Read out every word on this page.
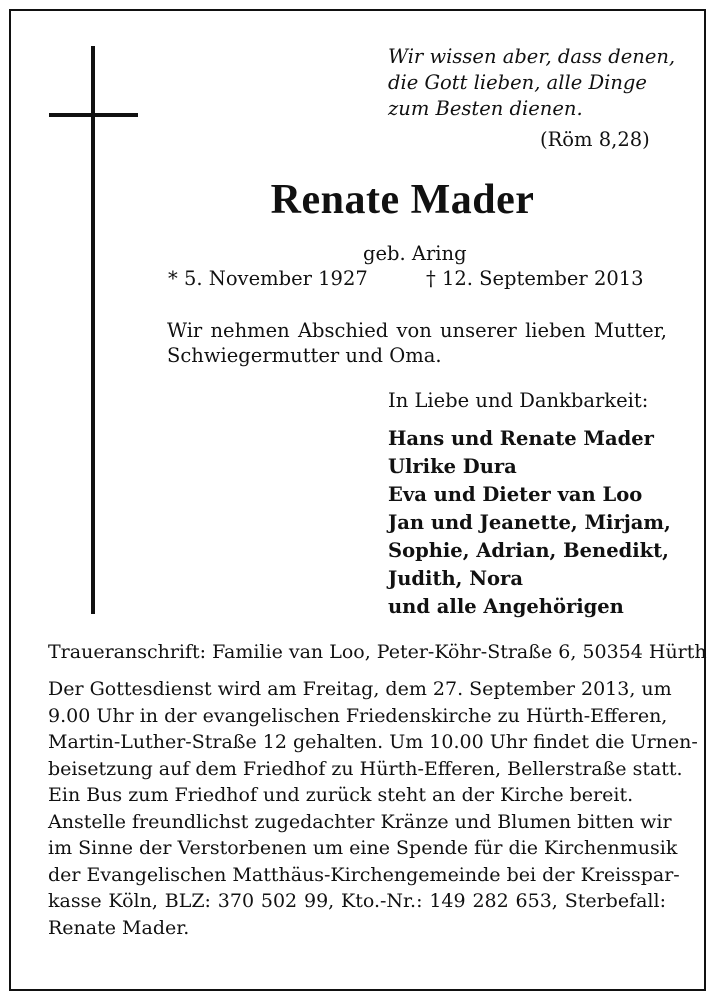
Wir wissen aber, dass denen,
die Gott lieben, alle Dinge
zum Besten dienen.
(Röm 8,28)
Renate Mader
geb. Aring
* 5. November 1927	† 12. September 2013
Wir nehmen Abschied von unserer lieben Mutter,
Schwiegermutter und Oma.
In Liebe und Dankbarkeit:
Hans und Renate Mader
Ulrike Dura
Eva und Dieter van Loo
Jan und Jeanette, Mirjam,
Sophie, Adrian, Benedikt,
Judith, Nora
und alle Angehörigen
Traueranschrift: Familie van Loo, Peter-Köhr-Straße 6, 50354 Hürth
Der Gottesdienst wird am Freitag, dem 27. September 2013, um
9.00 Uhr in der evangelischen Friedenskirche zu Hürth-Efferen,
Martin-Luther-Straße 12 gehalten. Um 10.00 Uhr findet die Urnen-
beisetzung auf dem Friedhof zu Hürth-Efferen, Bellerstraße statt.
Ein Bus zum Friedhof und zurück steht an der Kirche bereit.
Anstelle freundlichst zugedachter Kränze und Blumen bitten wir
im Sinne der Verstorbenen um eine Spende für die Kirchenmusik
der Evangelischen Matthäus-Kirchengemeinde bei der Kreisspar-
kasse Köln, BLZ: 370 502 99, Kto.-Nr.: 149 282 653, Sterbefall:
Renate Mader.
